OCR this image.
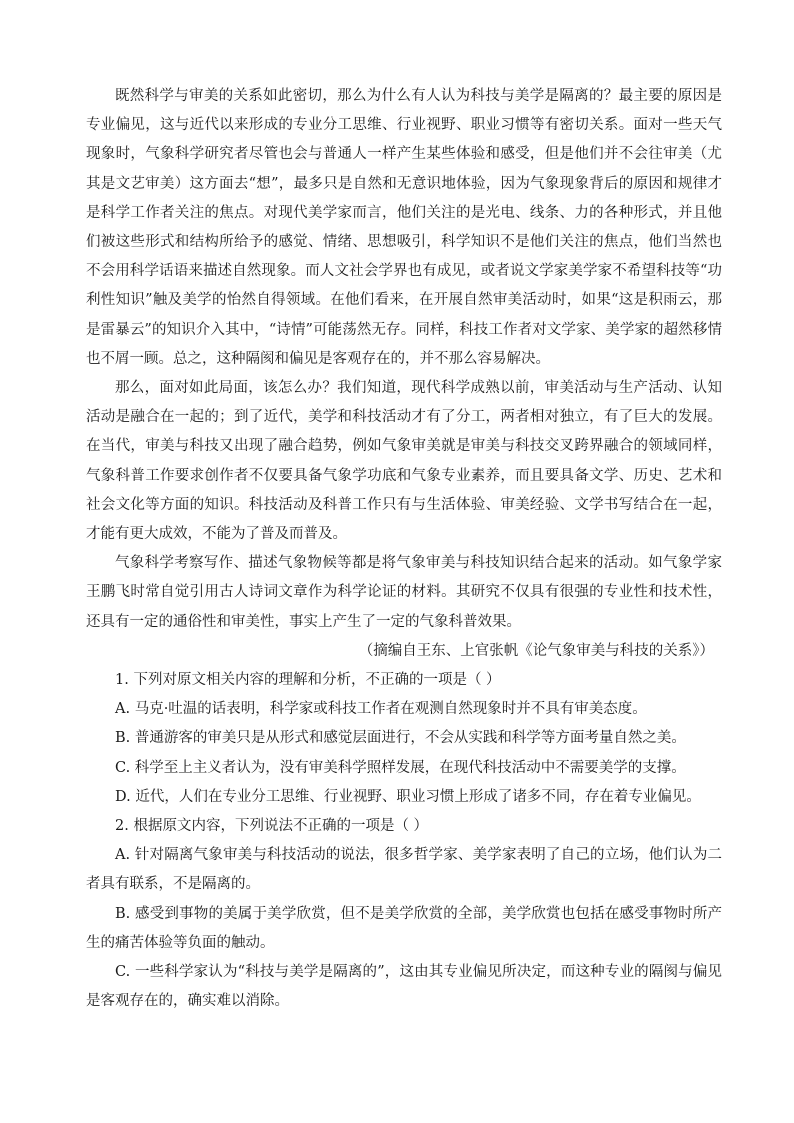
既然科学与审美的关系如此密切，那么为什么有人认为科技与美学是隔离的？最主要的原因是专业偏见，这与近代以来形成的专业分工思维、行业视野、职业习惯等有密切关系。面对一些天气现象时，气象科学研究者尽管也会与普通人一样产生某些体验和感受，但是他们并不会往审美（尤其是文艺审美）这方面去“想”，最多只是自然和无意识地体验，因为气象现象背后的原因和规律才是科学工作者关注的焦点。对现代美学家而言，他们关注的是光电、线条、力的各种形式，并且他们被这些形式和结构所给予的感觉、情绪、思想吸引，科学知识不是他们关注的焦点，他们当然也不会用科学话语来描述自然现象。而人文社会学界也有成见，或者说文学家美学家不希望科技等“功利性知识”触及美学的怡然自得领域。在他们看来，在开展自然审美活动时，如果“这是积雨云，那是雷暴云”的知识介入其中，“诗情”可能荡然无存。同样，科技工作者对文学家、美学家的超然移情也不屑一顾。总之，这种隔阂和偏见是客观存在的，并不那么容易解决。

那么，面对如此局面，该怎么办？我们知道，现代科学成熟以前，审美活动与生产活动、认知活动是融合在一起的；到了近代，美学和科技活动才有了分工，两者相对独立，有了巨大的发展。在当代，审美与科技又出现了融合趋势，例如气象审美就是审美与科技交叉跨界融合的领域同样，气象科普工作要求创作者不仅要具备气象学功底和气象专业素养，而且要具备文学、历史、艺术和社会文化等方面的知识。科技活动及科普工作只有与生活体验、审美经验、文学书写结合在一起，才能有更大成效，不能为了普及而普及。

气象科学考察写作、描述气象物候等都是将气象审美与科技知识结合起来的活动。如气象学家王鹏飞时常自觉引用古人诗词文章作为科学论证的材料。其研究不仅具有很强的专业性和技术性，还具有一定的通俗性和审美性，事实上产生了一定的气象科普效果。

（摘编自王东、上官张帆《论气象审美与科技的关系》）

1. 下列对原文相关内容的理解和分析，不正确的一项是（ ）

A. 马克·吐温的话表明，科学家或科技工作者在观测自然现象时并不具有审美态度。

B. 普通游客的审美只是从形式和感觉层面进行，不会从实践和科学等方面考量自然之美。

C. 科学至上主义者认为，没有审美科学照样发展，在现代科技活动中不需要美学的支撑。

D. 近代，人们在专业分工思维、行业视野、职业习惯上形成了诸多不同，存在着专业偏见。

2. 根据原文内容，下列说法不正确的一项是（ ）

A. 针对隔离气象审美与科技活动的说法，很多哲学家、美学家表明了自己的立场，他们认为二者具有联系，不是隔离的。

B. 感受到事物的美属于美学欣赏，但不是美学欣赏的全部，美学欣赏也包括在感受事物时所产生的痛苦体验等负面的触动。

C. 一些科学家认为“科技与美学是隔离的”，这由其专业偏见所决定，而这种专业的隔阂与偏见是客观存在的，确实难以消除。
